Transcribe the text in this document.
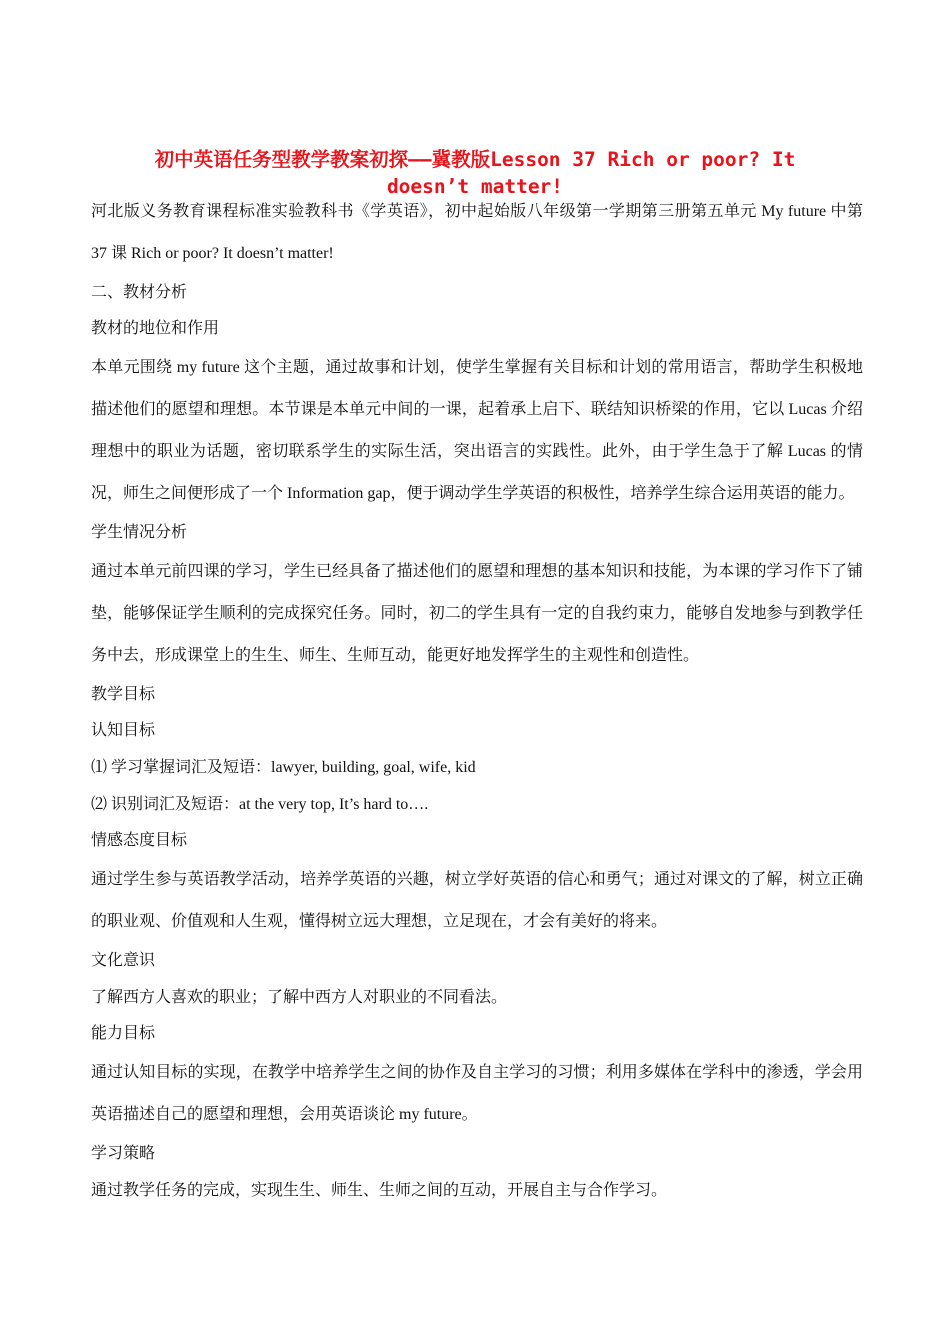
初中英语任务型教学教案初探——冀教版Lesson 37 Rich or poor? It
doesn’t matter!

河北版义务教育课程标准实验教科书《学英语》，初中起始版八年级第一学期第三册第五单元 My future 中第 37 课 Rich or poor? It doesn’t matter!

二、教材分析

教材的地位和作用

本单元围绕 my future 这个主题，通过故事和计划，使学生掌握有关目标和计划的常用语言，帮助学生积极地描述他们的愿望和理想。本节课是本单元中间的一课，起着承上启下、联结知识桥梁的作用，它以 Lucas 介绍理想中的职业为话题，密切联系学生的实际生活，突出语言的实践性。此外，由于学生急于了解 Lucas 的情况，师生之间便形成了一个 Information gap，便于调动学生学英语的积极性，培养学生综合运用英语的能力。

学生情况分析

通过本单元前四课的学习，学生已经具备了描述他们的愿望和理想的基本知识和技能，为本课的学习作下了铺垫，能够保证学生顺利的完成探究任务。同时，初二的学生具有一定的自我约束力，能够自发地参与到教学任务中去，形成课堂上的生生、师生、生师互动，能更好地发挥学生的主观性和创造性。

教学目标

认知目标

⑴ 学习掌握词汇及短语：lawyer, building, goal, wife, kid

⑵ 识别词汇及短语：at the very top, It’s hard to….

情感态度目标

通过学生参与英语教学活动，培养学英语的兴趣，树立学好英语的信心和勇气；通过对课文的了解，树立正确的职业观、价值观和人生观，懂得树立远大理想，立足现在，才会有美好的将来。

文化意识

了解西方人喜欢的职业；了解中西方人对职业的不同看法。

能力目标

通过认知目标的实现，在教学中培养学生之间的协作及自主学习的习惯；利用多媒体在学科中的渗透，学会用英语描述自己的愿望和理想，会用英语谈论 my future。

学习策略

通过教学任务的完成，实现生生、师生、生师之间的互动，开展自主与合作学习。
